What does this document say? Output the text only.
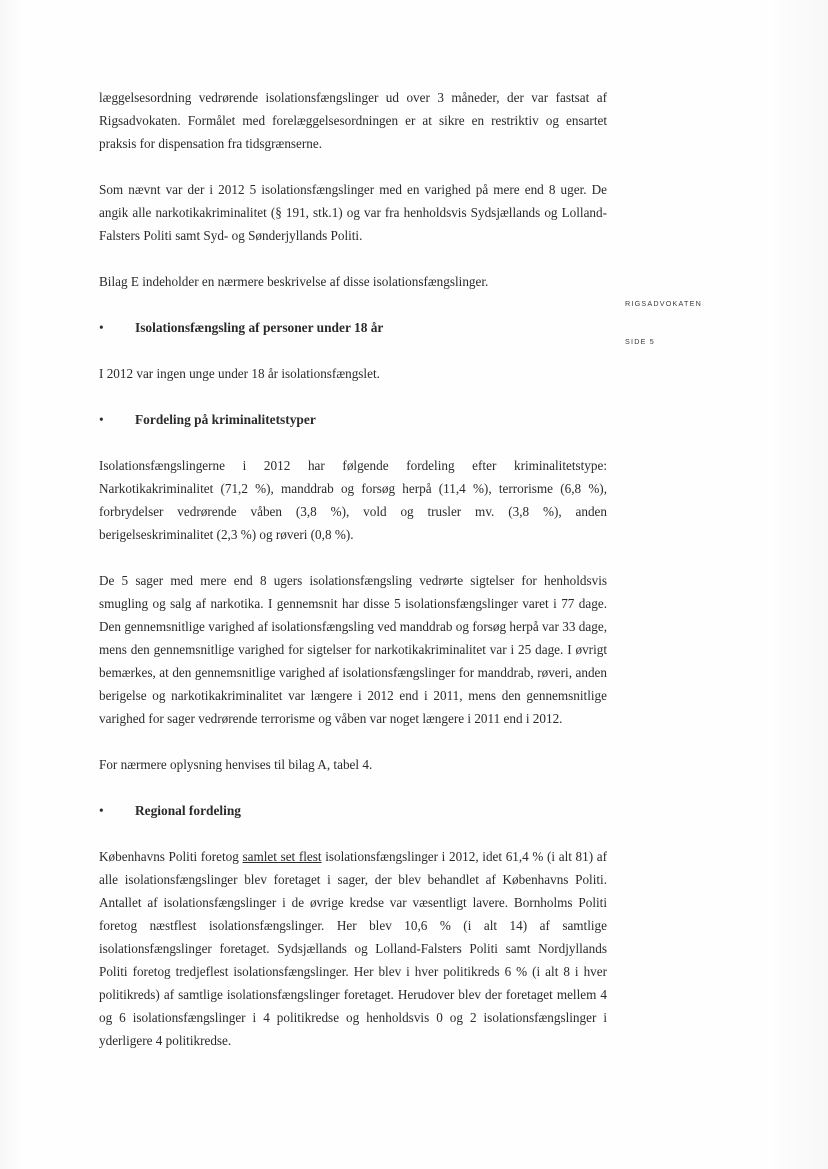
RIGSADVOKATEN
SIDE 5

læggelsesordning vedrørende isolationsfængslinger ud over 3 måneder, der var fastsat af Rigsadvokaten. Formålet med forelæggelsesordningen er at sikre en restriktiv og ensartet praksis for dispensation fra tidsgrænserne.

Som nævnt var der i 2012 5 isolationsfængslinger med en varighed på mere end 8 uger. De angik alle narkotikakriminalitet (§ 191, stk.1) og var fra henholdsvis Sydsjællands og Lolland-Falsters Politi samt Syd- og Sønderjyllands Politi.

Bilag E indeholder en nærmere beskrivelse af disse isolationsfængslinger.

• Isolationsfængsling af personer under 18 år

I 2012 var ingen unge under 18 år isolationsfængslet.

• Fordeling på kriminalitetstyper

Isolationsfængslingerne i 2012 har følgende fordeling efter kriminalitetstype: Narkotikakriminalitet (71,2 %), manddrab og forsøg herpå (11,4 %), terrorisme (6,8 %), forbrydelser vedrørende våben (3,8 %), vold og trusler mv. (3,8 %), anden berigelseskriminalitet (2,3 %) og røveri (0,8 %).

De 5 sager med mere end 8 ugers isolationsfængsling vedrørte sigtelser for henholdsvis smugling og salg af narkotika. I gennemsnit har disse 5 isolationsfængslinger varet i 77 dage. Den gennemsnitlige varighed af isolationsfængsling ved manddrab og forsøg herpå var 33 dage, mens den gennemsnitlige varighed for sigtelser for narkotikakriminalitet var i 25 dage. I øvrigt bemærkes, at den gennemsnitlige varighed af isolationsfængslinger for manddrab, røveri, anden berigelse og narkotikakriminalitet var længere i 2012 end i 2011, mens den gennemsnitlige varighed for sager vedrørende terrorisme og våben var noget længere i 2011 end i 2012.

For nærmere oplysning henvises til bilag A, tabel 4.

• Regional fordeling

Københavns Politi foretog samlet set flest isolationsfængslinger i 2012, idet 61,4 % (i alt 81) af alle isolationsfængslinger blev foretaget i sager, der blev behandlet af Københavns Politi. Antallet af isolationsfængslinger i de øvrige kredse var væsentligt lavere. Bornholms Politi foretog næstflest isolationsfængslinger. Her blev 10,6 % (i alt 14) af samtlige isolationsfængslinger foretaget. Sydsjællands og Lolland-Falsters Politi samt Nordjyllands Politi foretog tredjeflest isolationsfængslinger. Her blev i hver politikreds 6 % (i alt 8 i hver politikreds) af samtlige isolationsfængslinger foretaget. Herudover blev der foretaget mellem 4 og 6 isolationsfængslinger i 4 politikredse og henholdsvis 0 og 2 isolationsfængslinger i yderligere 4 politikredse.
